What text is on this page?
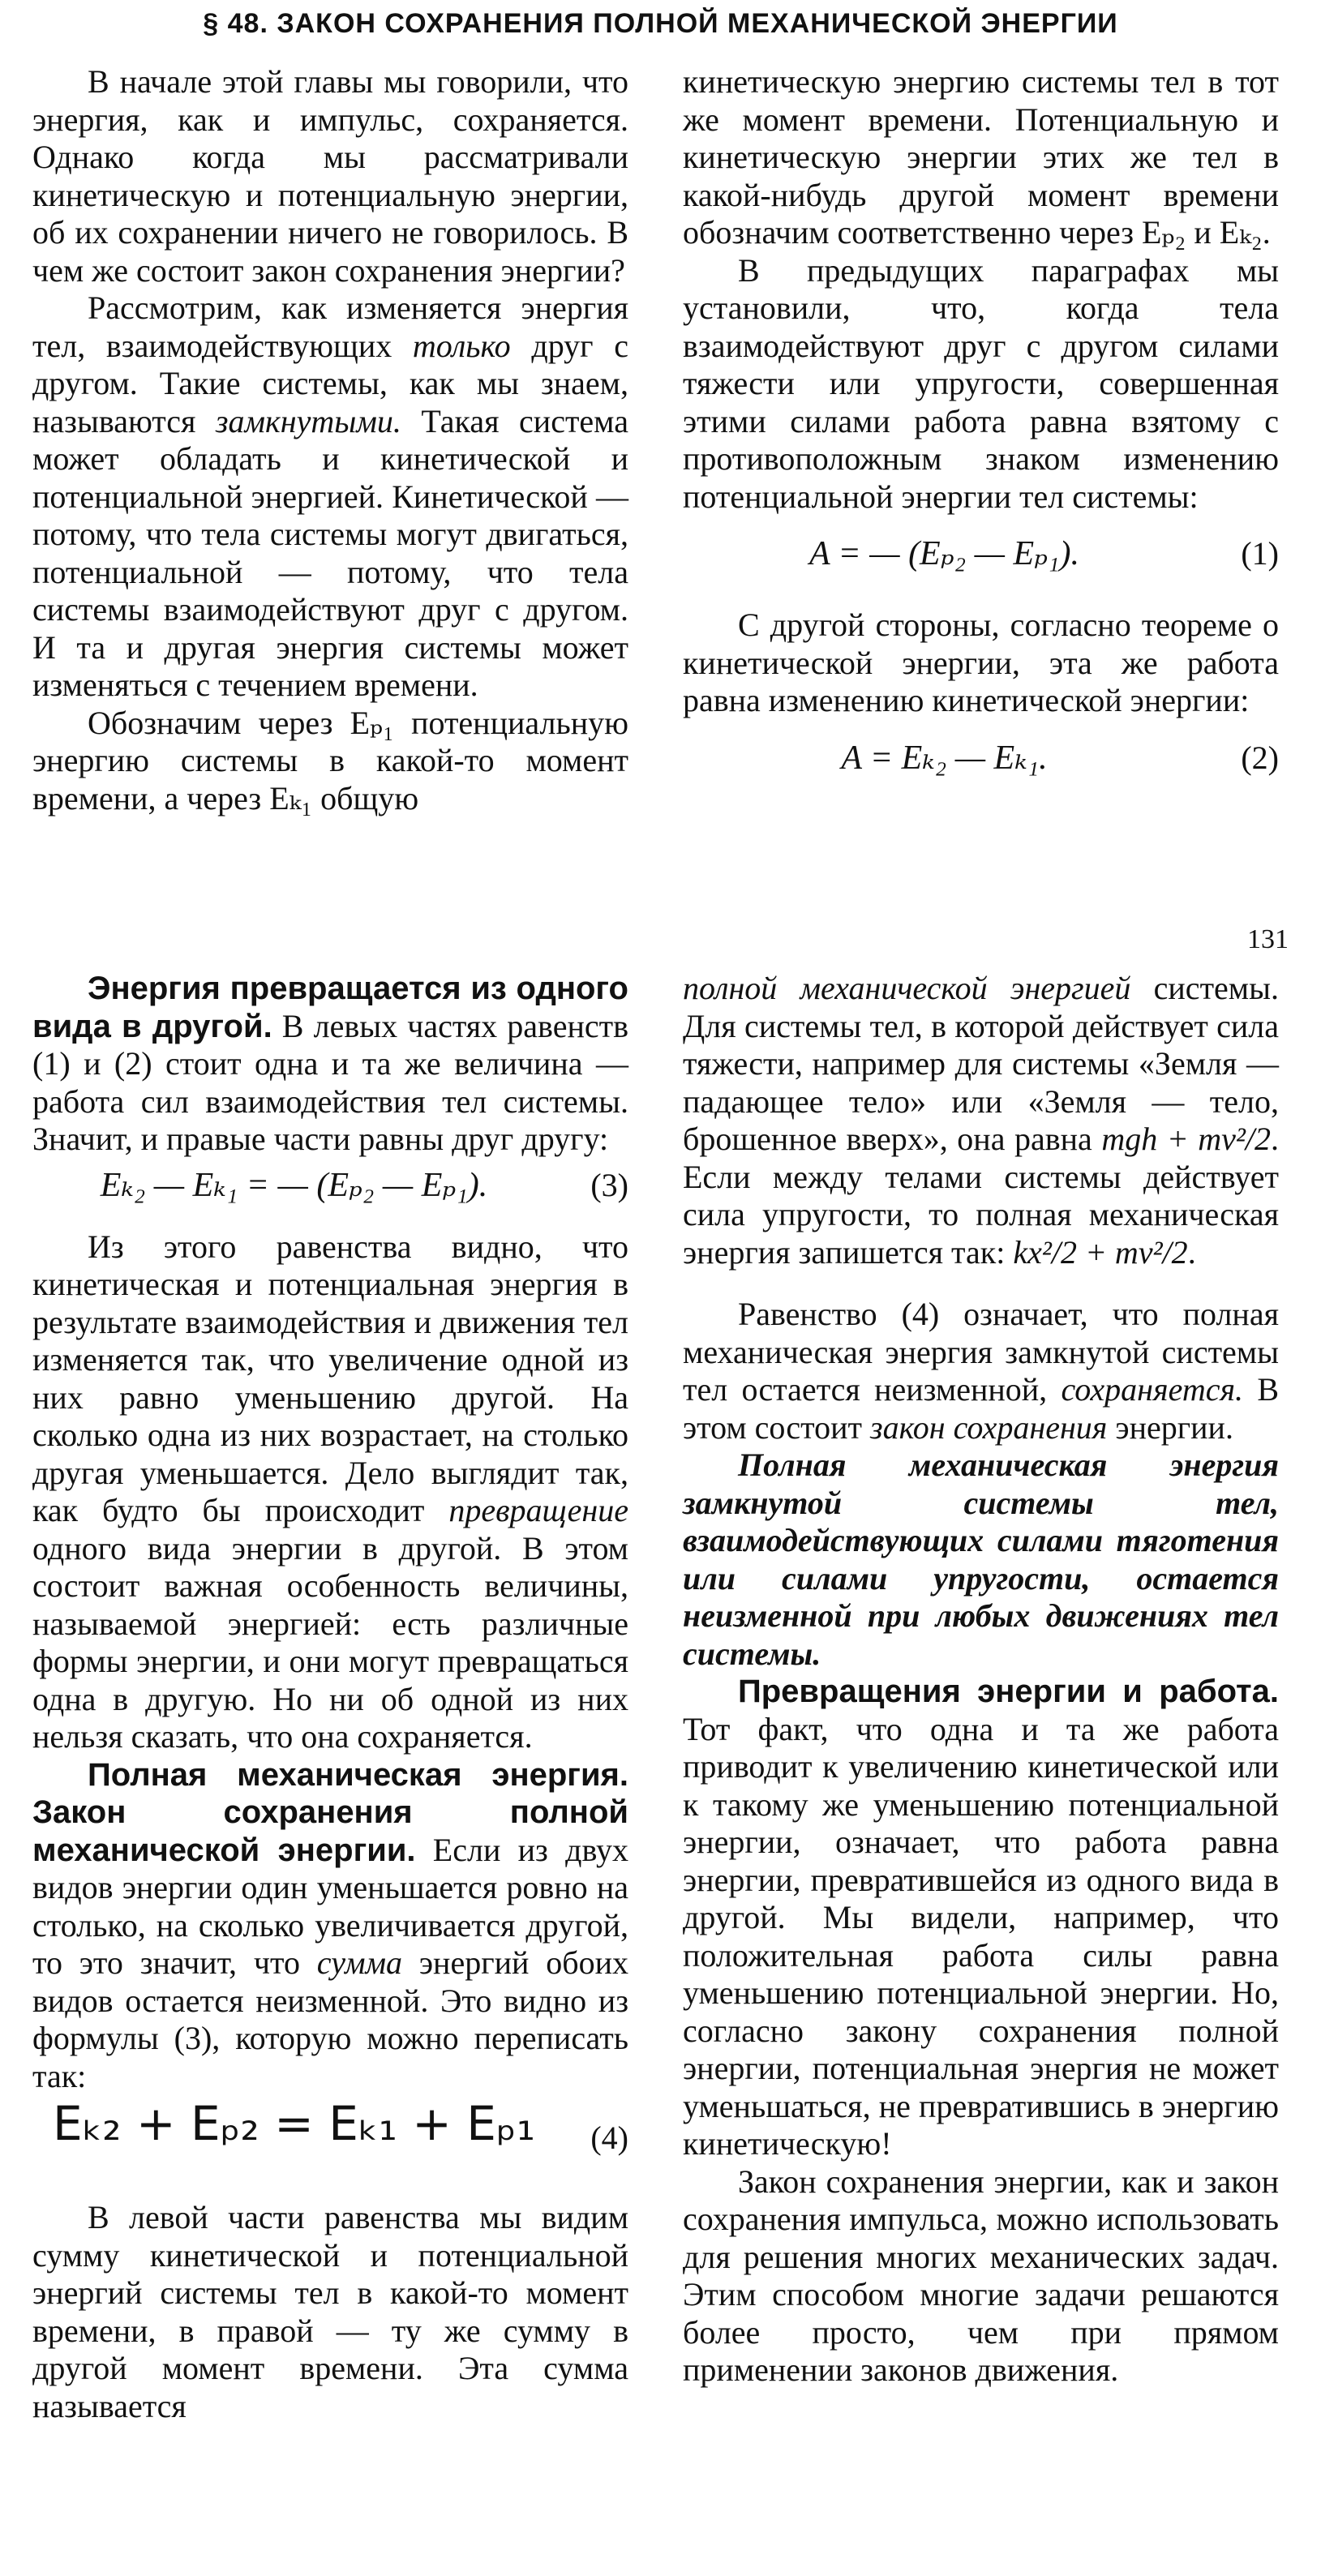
§ 48. ЗАКОН СОХРАНЕНИЯ ПОЛНОЙ МЕХАНИЧЕСКОЙ ЭНЕРГИИ

В начале этой главы мы говорили, что энергия, как и импульс, сохраняется. Однако когда мы рассматривали кинетическую и потенциальную энергии, об их сохранении ничего не говорилось. В чем же состоит закон сохранения энергии?

Рассмотрим, как изменяется энергия тел, взаимодействующих только друг с другом. Такие системы, как мы знаем, называются замкнутыми. Такая система может обладать и кинетической и потенциальной энергией. Кинетической — потому, что тела системы могут двигаться, потенциальной — потому, что тела системы взаимодействуют друг с другом. И та и другая энергия системы может изменяться с течением времени.

Обозначим через Eₚ₁ потенциальную энергию системы в какой-то момент времени, а через Eₖ₁ общую

кинетическую энергию системы тел в тот же момент времени. Потенциальную и кинетическую энергии этих же тел в какой-нибудь другой момент времени обозначим соответственно через Eₚ₂ и Eₖ₂.

В предыдущих параграфах мы установили, что, когда тела взаимодействуют друг с другом силами тяжести или упругости, совершенная этими силами работа равна взятому с противоположным знаком изменению потенциальной энергии тел системы:

A = — (Eₚ₂ — Eₚ₁).	(1)

С другой стороны, согласно теореме о кинетической энергии, эта же работа равна изменению кинетической энергии:

A = Eₖ₂ — Eₖ₁.	(2)
131

Энергия превращается из одного вида в другой. В левых частях равенств (1) и (2) стоит одна и та же величина — работа сил взаимодействия тел системы. Значит, и правые части равны друг другу:

Eₖ₂ — Eₖ₁ = — (Eₚ₂ — Eₚ₁).	(3)

Из этого равенства видно, что кинетическая и потенциальная энергия в результате взаимодействия и движения тел изменяется так, что увеличение одной из них равно уменьшению другой. На сколько одна из них возрастает, на столько другая уменьшается. Дело выглядит так, как будто бы происходит превращение одного вида энергии в другой. В этом состоит важная особенность величины, называемой энергией: есть различные формы энергии, и они могут превращаться одна в другую. Но ни об одной из них нельзя сказать, что она сохраняется.

Полная механическая энергия. Закон сохранения полной механической энергии. Если из двух видов энергии один уменьшается ровно на столько, на сколько увеличивается другой, то это значит, что сумма энергий обоих видов остается неизменной. Это видно из формулы (3), которую можно переписать так:

Eₖ₂ + Eₚ₂ = Eₖ₁ + Eₚ₁	(4)

В левой части равенства мы видим сумму кинетической и потенциальной энергий системы тел в какой-то момент времени, в правой — ту же сумму в другой момент времени. Эта сумма называется

полной механической энергией системы. Для системы тел, в которой действует сила тяжести, например для системы «Земля — падающее тело» или «Земля — тело, брошенное вверх», она равна mgh + mv²/2. Если между телами системы действует сила упругости, то полная механическая энергия запишется так: kx²/2 + mv²/2.

Равенство (4) означает, что полная механическая энергия замкнутой системы тел остается неизменной, сохраняется. В этом состоит закон сохранения энергии.

Полная механическая энергия замкнутой системы тел, взаимодействующих силами тяготения или силами упругости, остается неизменной при любых движениях тел системы.

Превращения энергии и работа. Тот факт, что одна и та же работа приводит к увеличению кинетической или к такому же уменьшению потенциальной энергии, означает, что работа равна энергии, превратившейся из одного вида в другой. Мы видели, например, что положительная работа силы равна уменьшению потенциальной энергии. Но, согласно закону сохранения полной энергии, потенциальная энергия не может уменьшаться, не превратившись в энергию кинетическую!

Закон сохранения энергии, как и закон сохранения импульса, можно использовать для решения многих механических задач. Этим способом многие задачи решаются более просто, чем при прямом применении законов движения.
